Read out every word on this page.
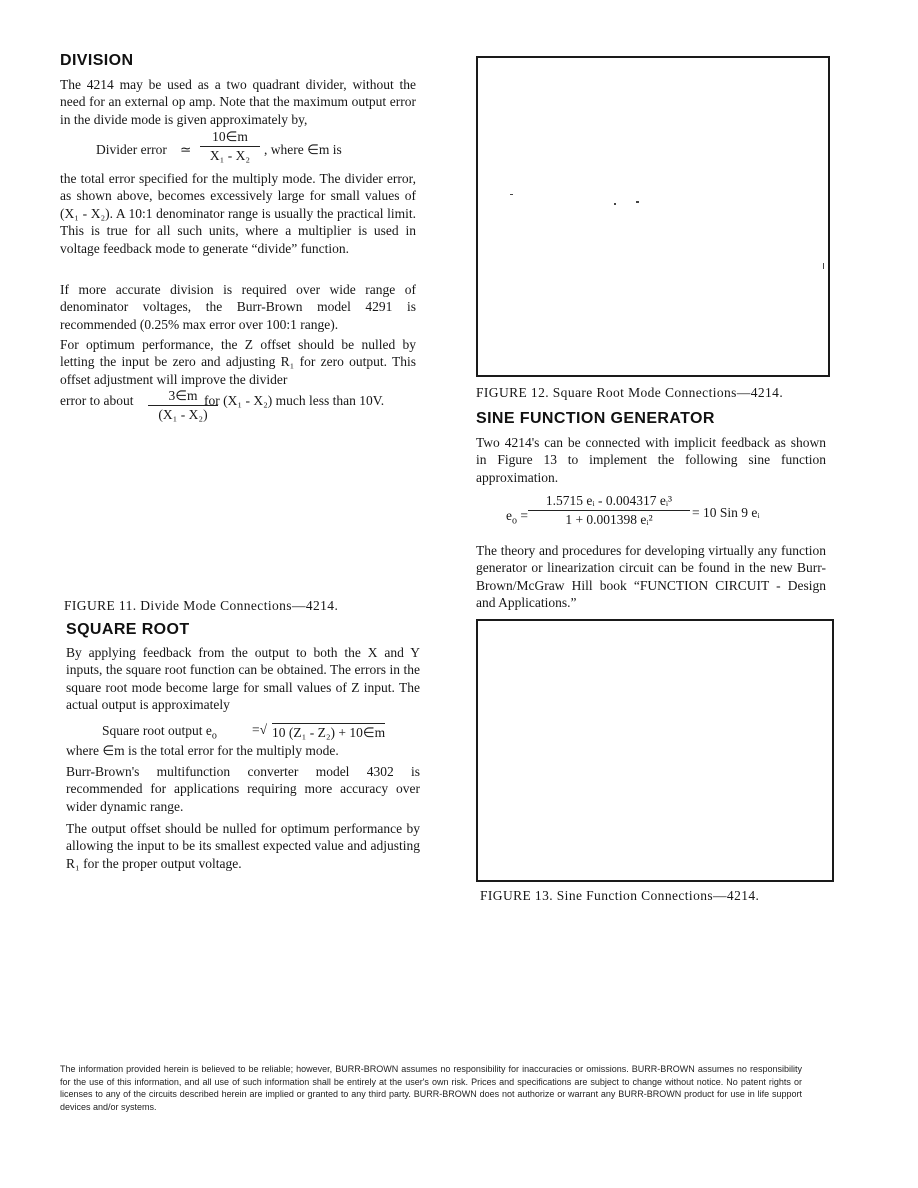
DIVISION

The 4214 may be used as a two quadrant divider, without the need for an external op amp. Note that the maximum output error in the divide mode is given approximately by,

Divider error ≃
10∈m
X₁ - X₂	, where ∈m is

the total error specified for the multiply mode. The divider error, as shown above, becomes excessively large for small values of (X₁ - X₂). A 10:1 denominator range is usually the practical limit. This is true for all such units, where a multiplier is used in voltage feedback mode to generate “divide” function.

If more accurate division is required over wide range of denominator voltages, the Burr-Brown model 4291 is recommended (0.25% max error over 100:1 range).

For optimum performance, the Z offset should be nulled by letting the input be zero and adjusting R₁ for zero output. This offset adjustment will improve the divider

error to about	3∈m
(X₁ - X₂)
for (X₁ - X₂) much less than 10V.

FIGURE 11. Divide Mode Connections—4214.

SQUARE ROOT

By applying feedback from the output to both the X and Y inputs, the square root function can be obtained. The errors in the square root mode become large for small values of Z input. The actual output is approximately

Square root output $e_o$	=√ 10 (Z₁ - Z₂) + 10∈m

where ∈m is the total error for the multiply mode.

Burr-Brown's multifunction converter model 4302 is recommended for applications requiring more accuracy over wider dynamic range.

The output offset should be nulled for optimum performance by allowing the input to be its smallest expected value and adjusting R₁ for the proper output voltage.

FIGURE 12. Square Root Mode Connections—4214.

SINE FUNCTION GENERATOR

Two 4214's can be connected with implicit feedback as shown in Figure 13 to implement the following sine function approximation.

$e_o$ =
1.5715 eᵢ - 0.004317 eᵢ³
1 + 0.001398 eᵢ²	= 10 Sin 9 eᵢ

The theory and procedures for developing virtually any function generator or linearization circuit can be found in the new Burr-Brown/McGraw Hill book “FUNCTION CIRCUIT - Design and Applications.”

FIGURE 13. Sine Function Connections—4214.

The information provided herein is believed to be reliable; however, BURR-BROWN assumes no responsibility for inaccuracies or omissions. BURR-BROWN assumes no responsibility for the use of this information, and all use of such information shall be entirely at the user's own risk. Prices and specifications are subject to change without notice. No patent rights or licenses to any of the circuits described herein are implied or granted to any third party. BURR-BROWN does not authorize or warrant any BURR-BROWN product for use in life support devices and/or systems.
